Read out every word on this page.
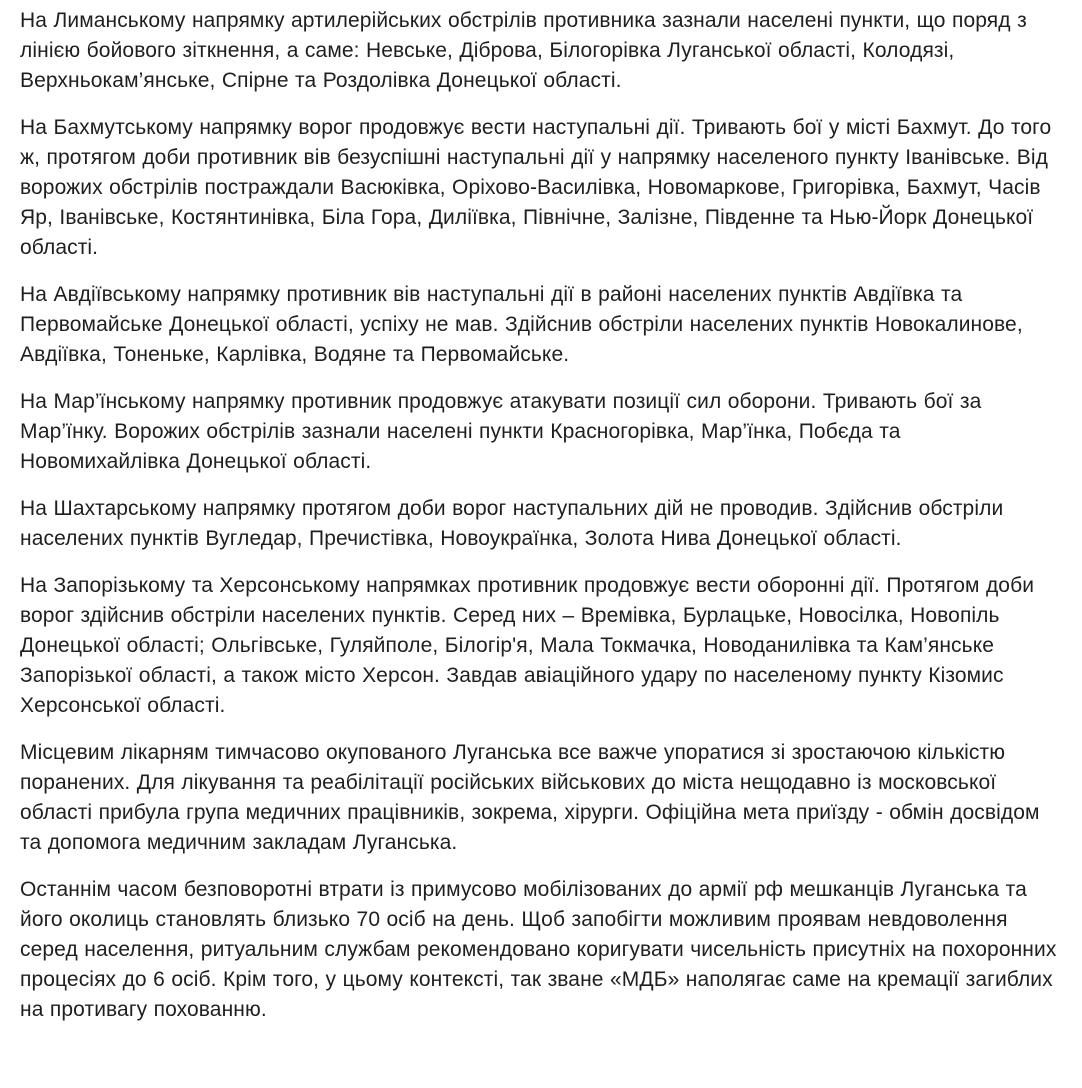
На Лиманському напрямку артилерійських обстрілів противника зазнали населені пункти, що поряд з лінією бойового зіткнення, а саме: Невське, Діброва, Білогорівка Луганської області, Колодязі, Верхньокам’янське, Спірне та Роздолівка Донецької області.

На Бахмутському напрямку ворог продовжує вести наступальні дії. Тривають бої у місті Бахмут. До того ж, протягом доби противник вів безуспішні наступальні дії у напрямку населеного пункту Іванівське. Від ворожих обстрілів постраждали Васюківка, Оріхово-Василівка, Новомаркове, Григорівка, Бахмут, Часів Яр, Іванівське, Костянтинівка, Біла Гора, Диліївка, Північне, Залізне, Південне та Нью-Йорк Донецької області.

На Авдіївському напрямку противник вів наступальні дії в районі населених пунктів Авдіївка та Первомайське Донецької області, успіху не мав. Здійснив обстріли населених пунктів Новокалинове, Авдіївка, Тоненьке, Карлівка, Водяне та Первомайське.

На Мар’їнському напрямку противник продовжує атакувати позиції сил оборони. Тривають бої за Мар’їнку. Ворожих обстрілів зазнали населені пункти Красногорівка, Мар’їнка, Побєда та Новомихайлівка Донецької області.

На Шахтарському напрямку протягом доби ворог наступальних дій не проводив. Здійснив обстріли населених пунктів Вугледар, Пречистівка, Новоукраїнка, Золота Нива Донецької області.

На Запорізькому та Херсонському напрямках противник продовжує вести оборонні дії. Протягом доби ворог здійснив обстріли населених пунктів. Серед них – Времівка, Бурлацьке, Новосілка, Новопіль Донецької області; Ольгівське, Гуляйполе, Білогір'я, Мала Токмачка, Новоданилівка та Кам’янське Запорізької області, а також місто Херсон. Завдав авіаційного удару по населеному пункту Кізомис Херсонської області.

Місцевим лікарням тимчасово окупованого Луганська все важче упоратися зі зростаючою кількістю поранених. Для лікування та реабілітації російських військових до міста нещодавно із московської області прибула група медичних працівників, зокрема, хірурги. Офіційна мета приїзду - обмін досвідом та допомога медичним закладам Луганська.

Останнім часом безповоротні втрати із примусово мобілізованих до армії рф мешканців Луганська та його околиць становлять близько 70 осіб на день. Щоб запобігти можливим проявам невдоволення серед населення, ритуальним службам рекомендовано коригувати чисельність присутніх на похоронних процесіях до 6 осіб. Крім того, у цьому контексті, так зване «МДБ» наполягає саме на кремації загиблих на противагу похованню.
